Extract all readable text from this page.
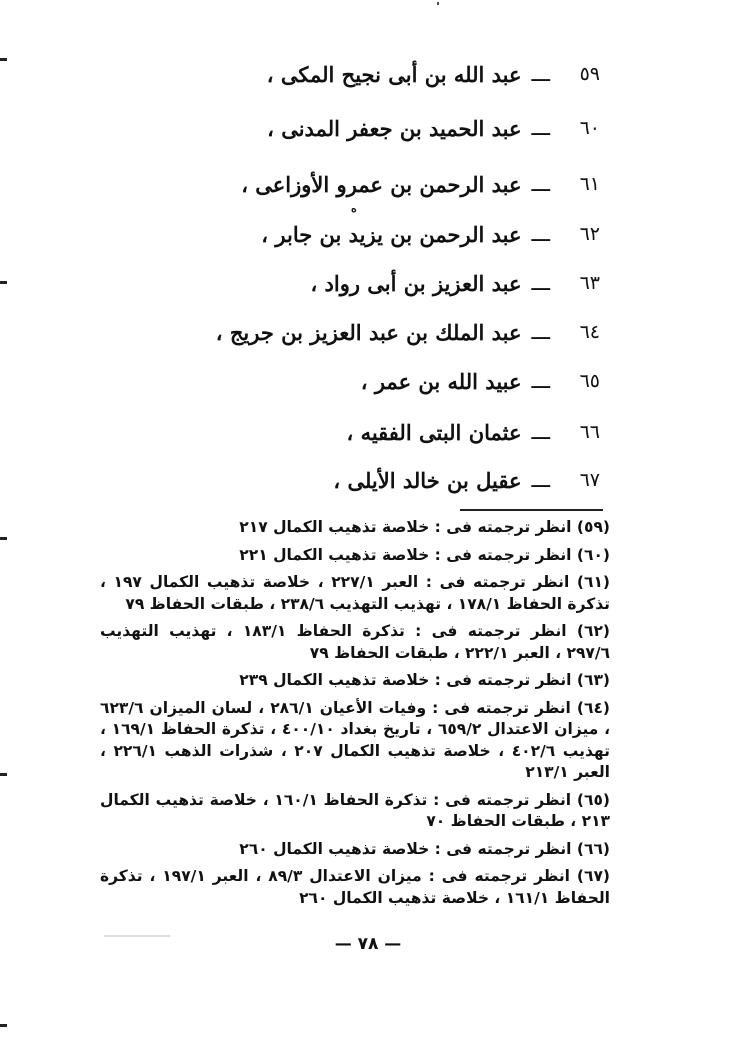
٥٩
ـــ
عبد الله بن أبى نجيح المكى ،
٦٠
ـــ
عبد الحميد بن جعفر المدنى ،
٦١
ـــ
عبد الرحمن بن عمرو الأوزاعى ،
٦٢
ـــ
عبد الرحمن بن يزيد بن جابر ،
٦٣
ـــ
عبد العزيز بن أبى رواد ،
٦٤
ـــ
عبد الملك بن عبد العزيز بن جريج ،
٦٥
ـــ
عبيد الله بن عمر ،
٦٦
ـــ
عثمان البتى الفقيه ،
٦٧
ـــ
عقيل بن خالد الأيلى ،
ه

(٥٩) انظر ترجمته فى : خلاصة تذهيب الكمال ٢١٧

(٦٠) انظر ترجمته فى : خلاصة تذهيب الكمال ٢٢١

(٦١) انظر ترجمته فى : العبر ٢٢٧/١ ، خلاصة تذهيب الكمال ١٩٧ ، تذكرة الحفاظ ١٧٨/١ ، تهذيب التهذيب ٢٣٨/٦ ، طبقات الحفاظ ٧٩

(٦٢) انظر ترجمته فى : تذكرة الحفاظ ١٨٣/١ ، تهذيب التهذيب ٢٩٧/٦ ، العبر ٢٢٢/١ ، طبقات الحفاظ ٧٩

(٦٣) انظر ترجمته فى : خلاصة تذهيب الكمال ٢٣٩

(٦٤) انظر ترجمته فى : وفيات الأعيان ٢٨٦/١ ، لسان الميزان ٦٢٣/٦ ، ميزان الاعتدال ٦٥٩/٢ ، تاريخ بغداد ٤٠٠/١٠ ، تذكرة الحفاظ ١٦٩/١ ، تهذيب ٤٠٢/٦ ، خلاصة تذهيب الكمال ٢٠٧ ، شذرات الذهب ٢٢٦/١ ، العبر ٢١٣/١

(٦٥) انظر ترجمته فى : تذكرة الحفاظ ١٦٠/١ ، خلاصة تذهيب الكمال ٢١٣ ، طبقات الحفاظ ٧٠

(٦٦) انظر ترجمته فى : خلاصة تذهيب الكمال ٢٦٠

(٦٧) انظر ترجمته فى : ميزان الاعتدال ٨٩/٣ ، العبر ١٩٧/١ ، تذكرة الحفاظ ١٦١/١ ، خلاصة تذهيب الكمال ٢٦٠

— ٧٨ —
